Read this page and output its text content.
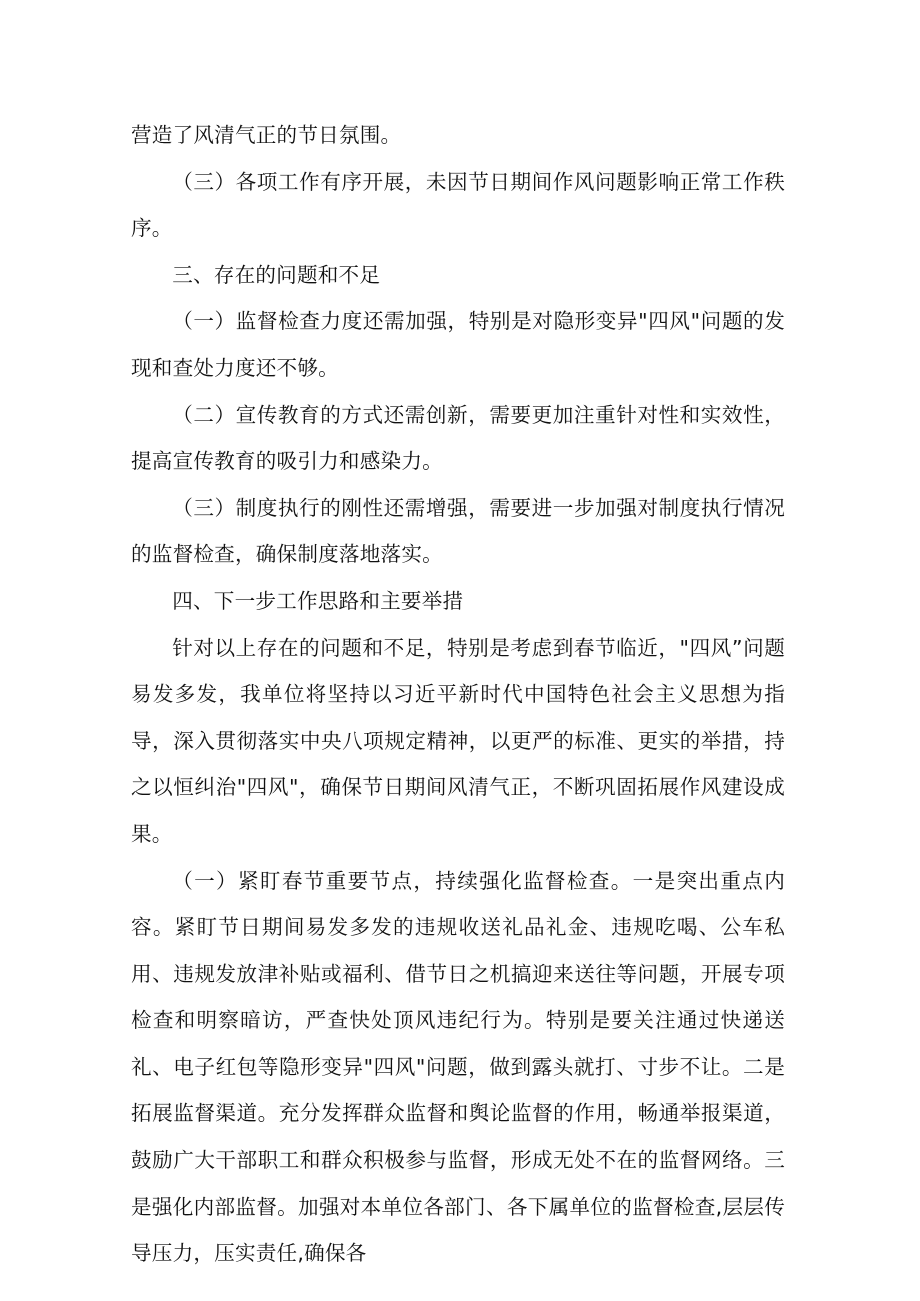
营造了风清气正的节日氛围。

（三）各项工作有序开展，未因节日期间作风问题影响正常工作秩序。

三、存在的问题和不足

（一）监督检查力度还需加强，特别是对隐形变异"四风"问题的发现和查处力度还不够。

（二）宣传教育的方式还需创新，需要更加注重针对性和实效性，提高宣传教育的吸引力和感染力。

（三）制度执行的刚性还需增强，需要进一步加强对制度执行情况的监督检查，确保制度落地落实。

四、下一步工作思路和主要举措

针对以上存在的问题和不足，特别是考虑到春节临近，"四风”问题易发多发，我单位将坚持以习近平新时代中国特色社会主义思想为指导，深入贯彻落实中央八项规定精神，以更严的标准、更实的举措，持之以恒纠治"四风"，确保节日期间风清气正，不断巩固拓展作风建设成果。

（一）紧盯春节重要节点，持续强化监督检查。一是突出重点内容。紧盯节日期间易发多发的违规收送礼品礼金、违规吃喝、公车私用、违规发放津补贴或福利、借节日之机搞迎来送往等问题，开展专项检查和明察暗访，严查快处顶风违纪行为。特别是要关注通过快递送礼、电子红包等隐形变异"四风"问题，做到露头就打、寸步不让。二是拓展监督渠道。充分发挥群众监督和舆论监督的作用，畅通举报渠道，鼓励广大干部职工和群众积极参与监督，形成无处不在的监督网络。三是强化内部监督。加强对本单位各部门、各下属单位的监督检查,层层传导压力，压实责任,确保各
